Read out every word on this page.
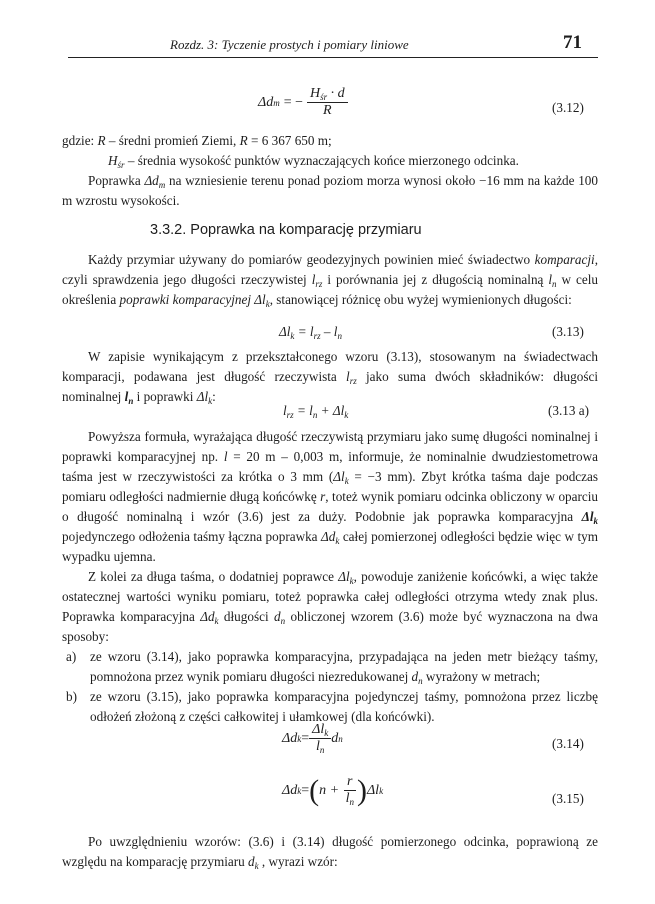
Rozdz. 3: Tyczenie prostych i pomiary liniowe	71
Δd m = − $\frac{H_{śr} \cdot d}{R}$	(3.12)
gdzie: R – średni promień Ziemi, R = 6 367 650 m;
$H_{śr}$ – średnia wysokość punktów wyznaczających końce mierzonego odcinka.
Poprawka $\Delta d_m$ na wzniesienie terenu ponad poziom morza wynosi około −16 mm na każde 100 m wzrostu wysokości.
3.3.2. Poprawka na komparację przymiaru
Każdy przymiar używany do pomiarów geodezyjnych powinien mieć świadectwo komparacji, czyli sprawdzenia jego długości rzeczywistej $l_{rz}$ i porównania jej z długością nominalną $l_n$ w celu określenia poprawki komparacyjnej $\Delta l_k$, stanowiącej różnicę obu wyżej wymienionych długości:
$\Delta l_k = l_{rz} - l_n$	(3.13)
W zapisie wynikającym z przekształconego wzoru (3.13), stosowanym na świadectwach komparacji, podawana jest długość rzeczywista $l_{rz}$ jako suma dwóch składników: długości nominalnej $l_n$ i poprawki $\Delta l_k$:
$l_{rz} = l_n + \Delta l_k$	(3.13 a)
Powyższa formuła, wyrażająca długość rzeczywistą przymiaru jako sumę długości nominalnej i poprawki komparacyjnej np. l = 20 m – 0,003 m, informuje, że nominalnie dwudziestometrowa taśma jest w rzeczywistości za krótka o 3 mm ($\Delta l_k = -3$ mm). Zbyt krótka taśma daje podczas pomiaru odległości nadmiernie długą końcówkę r, toteż wynik pomiaru odcinka obliczony w oparciu o długość nominalną i wzór (3.6) jest za duży. Podobnie jak poprawka komparacyjna $\Delta l_k$ pojedynczego odłożenia taśmy łączna poprawka $\Delta d_k$ całej pomierzonej odległości będzie więc w tym wypadku ujemna.
Z kolei za długa taśma, o dodatniej poprawce $\Delta l_k$, powoduje zaniżenie końcówki, a więc także ostatecznej wartości wyniku pomiaru, toteż poprawka całej odległości otrzyma wtedy znak plus. Poprawka komparacyjna $\Delta d_k$ długości $d_n$ obliczonej wzorem (3.6) może być wyznaczona na dwa sposoby:
a) ze wzoru (3.14), jako poprawka komparacyjna, przypadająca na jeden metr bieżący taśmy, pomnożona przez wynik pomiaru długości niezredukowanej $d_n$ wyrażony w metrach;
b) ze wzoru (3.15), jako poprawka komparacyjna pojedynczej taśmy, pomnożona przez liczbę odłożeń złożoną z części całkowitej i ułamkowej (dla końcówki).
Δd $k = \frac{\Delta l_k}{l_n}$ d n	(3.14)
Δd k = ( $n + \frac{r}{l_n}$ ) Δl k
(3.15)
Po uwzględnieniu wzorów: (3.6) i (3.14) długość pomierzonego odcinka, poprawioną ze względu na komparację przymiaru $d_k$ , wyrazi wzór:
